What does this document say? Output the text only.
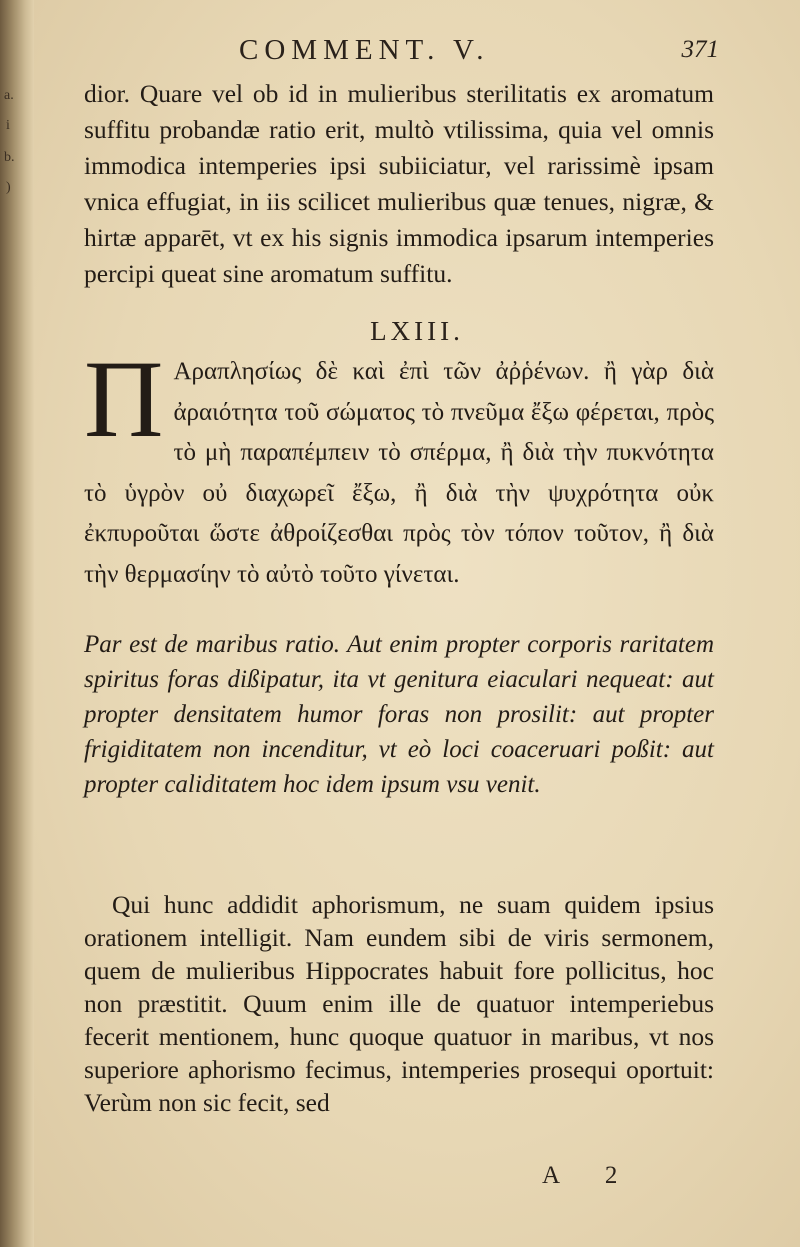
a.
i
b.
)
COMMENT. V.	371
dior. Quare vel ob id in mulieribus sterilitatis ex aromatum suffitu probandæ ratio erit, multò vtilissima, quia vel omnis immodica intemperies ipsi subiiciatur, vel rarissimè ipsam vnica effugiat, in iis scilicet mulieribus quæ tenues, nigræ, & hirtæ apparēt, vt ex his signis immodica ipsarum intemperies percipi queat sine aromatum suffitu.
LXIII.
Π Αραπλησίως δὲ καὶ ἐπὶ τῶν ἀῤῥένων. ἢ γὰρ διὰ ἀραιότητα τοῦ σώματος τὸ πνεῦμα ἔξω φέρεται, πρὸς τὸ μὴ παραπέμπειν τὸ σπέρμα, ἢ διὰ τὴν πυκνότητα τὸ ὑγρὸν οὐ διαχωρεῖ ἔξω, ἢ διὰ τὴν ψυχρότητα οὐκ ἐκπυροῦται ὥστε ἀθροίζεσθαι πρὸς τὸν τόπον τοῦτον, ἢ διὰ τὴν θερμασίην τὸ αὐτὸ τοῦτο γίνεται.
Par est de maribus ratio. Aut enim propter corporis raritatem spiritus foras dißipatur, ita vt genitura eiaculari nequeat: aut propter densitatem humor foras non prosilit: aut propter frigiditatem non incenditur, vt eò loci coaceruari poßit: aut propter caliditatem hoc idem ipsum vsu venit.
Qui hunc addidit aphorismum, ne suam quidem ipsius orationem intelligit. Nam eundem sibi de viris sermonem, quem de mulieribus Hippocrates habuit fore pollicitus, hoc non præstitit. Quum enim ille de quatuor intemperiebus fecerit mentionem, hunc quoque quatuor in maribus, vt nos superiore aphorismo fecimus, intemperies prosequi oportuit: Verùm non sic fecit, sed
A 2
